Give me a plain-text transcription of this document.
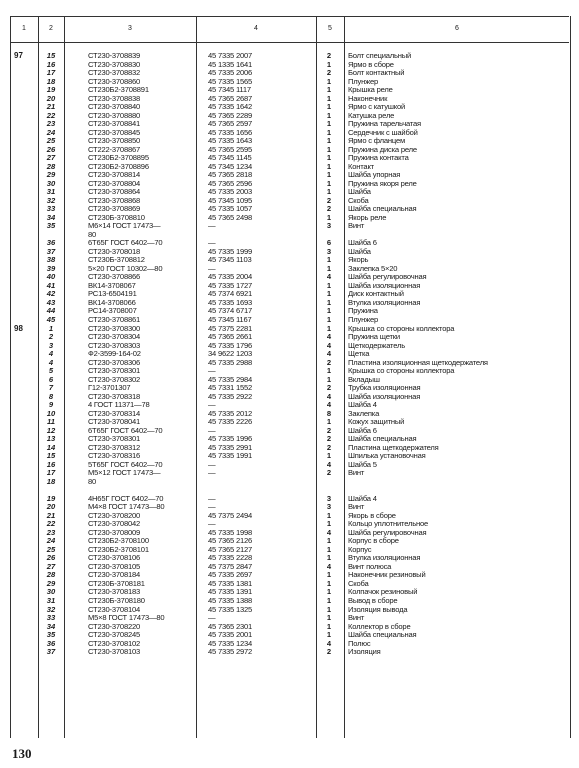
1	2	3	4	5	6
97	15	СТ230-3708839	45 7335 2007	2	Болт специальный
16	СТ230-3708830	45 1335 1641	1	Ярмо в сборе
17	СТ230-3708832	45 7335 2006	2	Болт контактный
18	СТ230-3708860	45 7335 1565	1	Плунжер
19	СТ230Б2-3708891	45 7345 1117	1	Крышка реле
20	СТ230-3708838	45 7365 2687	1	Наконечник
21	СТ230-3708840	45 7335 1642	1	Ярмо с катушкой
22	СТ230-3708880	45 7365 2289	1	Катушка реле
23	СТ230-3708841	45 7365 2597	1	Пружина тарельчатая
24	СТ230-3708845	45 7335 1656	1	Сердечник с шайбой
25	СТ230-3708850	45 7335 1643	1	Ярмо с фланцем
26	СТ222-3708867	45 7365 2595	1	Пружина диска реле
27	СТ230Б2-3708895	45 7345 1145	1	Пружина контакта
28	СТ230Б2-3708896	45 7345 1234	1	Контакт
29	СТ230-3708814	45 7365 2818	1	Шайба упорная
30	СТ230-3708804	45 7365 2596	1	Пружина якоря реле
31	СТ230-3708864	45 7335 2003	1	Шайба
32	СТ230-3708868	45 7345 1095	2	Скоба
33	СТ230-3708869	45 7335 1057	2	Шайба специальная
34	СТ230Б-3708810	45 7365 2498	1	Якорь реле
35	М6×14 ГОСТ 17473—	—	3	Винт
80
36	6Т65Г ГОСТ 6402—70	—	6	Шайба 6
37	СТ230-3708018	45 7335 1999	3	Шайба
38	СТ230Б-3708812	45 7345 1103	1	Якорь
39	5×20 ГОСТ 10302—80	—	1	Заклепка 5×20
40	СТ230-3708866	45 7335 2004	4	Шайба регулировочная
41	ВК14-3708067	45 7335 1727	1	Шайба изоляционная
42	РС13-6504191	45 7374 6921	1	Диск контактный
43	ВК14-3708066	45 7335 1693	1	Втулка изоляционная
44	РС14-3708007	45 7374 6717	1	Пружина
45	СТ230-3708861	45 7345 1167	1	Плунжер
98	1	СТ230-3708300	45 7375 2281	1	Крышка со стороны коллектора
2	СТ230-3708304	45 7365 2661	4	Пружина щетки
3	СТ230-3708303	45 7335 1796	4	Щеткодержатель
4	Ф2-3599-164-02	34 9622 1203	4	Щетка
4	СТ230-3708306	45 7335 2988	2	Пластина изоляционная щеткодержателя
5	СТ230-3708301	—	1	Крышка со стороны коллектора
6	СТ230-3708302	45 7335 2984	1	Вкладыш
7	Г12-3701307	45 7331 1552	2	Трубка изоляционная
8	СТ230-3708318	45 7335 2922	4	Шайба изоляционная
9	4 ГОСТ 11371—78	—	4	Шайба 4
10	СТ230-3708314	45 7335 2012	8	Заклепка
11	СТ230-3708041	45 7335 2226	1	Кожух защитный
12	6Т65Г ГОСТ 6402—70	—	2	Шайба 6
13	СТ230-3708301	45 7335 1996	2	Шайба специальная
14	СТ230-3708312	45 7335 2991	2	Пластина щеткодержателя
15	СТ230-3708316	45 7335 1991	1	Шпилька установочная
16	5Т65Г ГОСТ 6402—70	—	4	Шайба 5
17	М5×12 ГОСТ 17473—	—	2	Винт
18	80
19	4Н65Г ГОСТ 6402—70	—	3	Шайба 4
20	М4×8 ГОСТ 17473—80	—	3	Винт
21	СТ230-3708200	45 7375 2494	1	Якорь в сборе
22	СТ230-3708042	—	1	Кольцо уплотнительное
23	СТ230-3708009	45 7335 1998	4	Шайба регулировочная
24	СТ230Б2-3708100	45 7365 2126	1	Корпус в сборе
25	СТ230Б2-3708101	45 7365 2127	1	Корпус
26	СТ230-3708106	45 7335 2228	1	Втулка изоляционная
27	СТ230-3708105	45 7375 2847	4	Винт полюса
28	СТ230-3708184	45 7335 2697	1	Наконечник резиновый
29	СТ230Б-3708181	45 7335 1381	1	Скоба
30	СТ230-3708183	45 7335 1391	1	Колпачок резиновый
31	СТ230Б-3708180	45 7335 1388	1	Вывод в сборе
32	СТ230-3708104	45 7335 1325	1	Изоляция вывода
33	М5×8 ГОСТ 17473—80	—	1	Винт
34	СТ230-3708220	45 7365 2301	1	Коллектор в сборе
35	СТ230-3708245	45 7335 2001	1	Шайба специальная
36	СТ230-3708102	45 7335 1234	4	Полюс
37	СТ230-3708103	45 7335 2972	2	Изоляция
130
